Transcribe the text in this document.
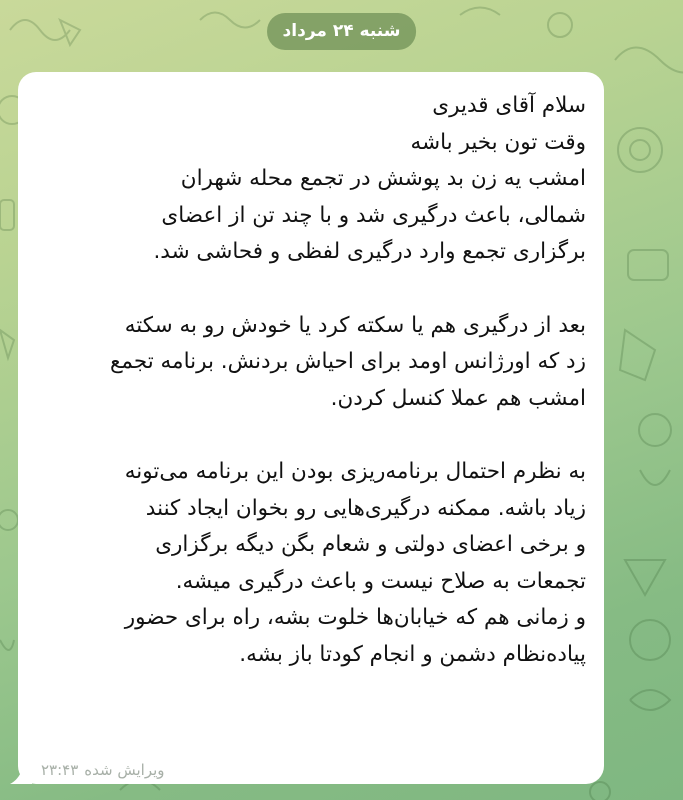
شنبه ۲۴ مرداد

سلام آقای قدیری

وقت تون بخیر باشه

امشب یه زن بد پوشش در تجمع محله شهران

شمالی، باعث درگیری شد و با چند تن از اعضای

برگزاری تجمع وارد درگیری لفظی و فحاشی شد.

بعد از درگیری هم یا سکته کرد یا خودش رو به سکته

زد که اورژانس اومد برای احیاش بردنش. برنامه تجمع

امشب هم عملا کنسل کردن.

به نظرم احتمال برنامه‌ریزی بودن این برنامه می‌تونه

زیاد باشه. ممکنه درگیری‌هایی رو بخوان ایجاد کنند

و برخی اعضای دولتی و شعام بگن دیگه برگزاری

تجمعات به صلاح نیست و باعث درگیری میشه.

و زمانی هم که خیابان‌ها خلوت بشه، راه برای حضور

پیاده‌نظام دشمن و انجام کودتا باز بشه.

ویرایش شده۲۳:۴۳
